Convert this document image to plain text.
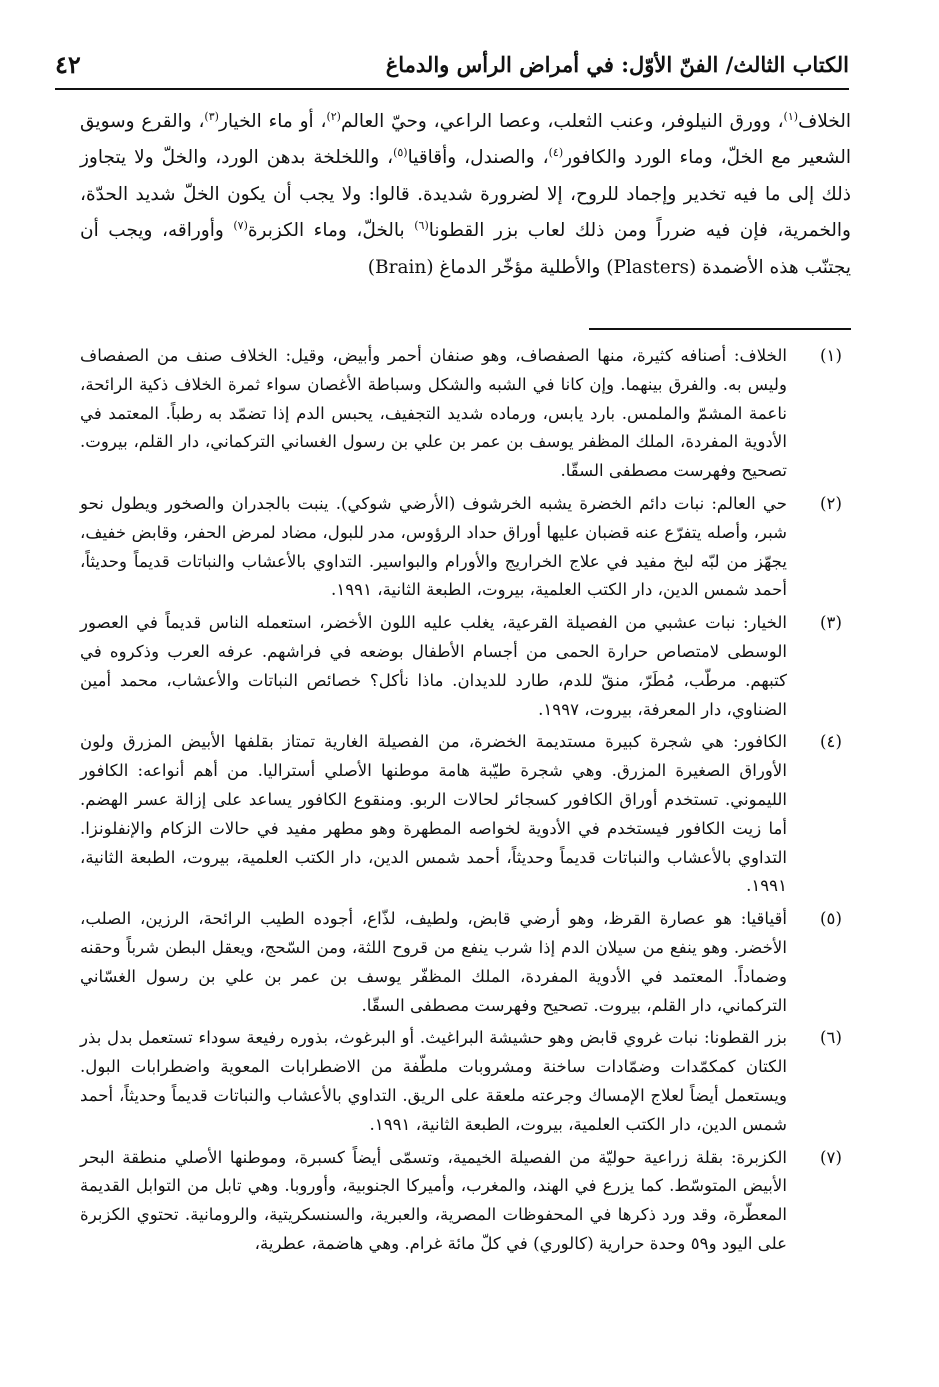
الكتاب الثالث/ الفنّ الأوّل: في أمراض الرأس والدماغ
٤٢

الخلاف$^{(١)}$، وورق النيلوفر، وعنب الثعلب، وعصا الراعي، وحيّ العالم$^{(٢)}$، أو ماء الخيار$^{(٣)}$، والقرع وسويق الشعير مع الخلّ، وماء الورد والكافور$^{(٤)}$، والصندل، وأقاقيا$^{(٥)}$، واللخلخة بدهن الورد، والخلّ ولا يتجاوز ذلك إلى ما فيه تخدير وإجماد للروح، إلا لضرورة شديدة. قالوا: ولا يجب أن يكون الخلّ شديد الحدّة، والخمرية، فإن فيه ضرراً ومن ذلك لعاب بزر القطونا$^{(٦)}$ بالخلّ، وماء الكزبرة$^{(٧)}$ وأوراقه، ويجب أن يجتنّب هذه الأضمدة (Plasters) والأطلية مؤخّر الدماغ (Brain)

(١)
الخلاف: أصنافه كثيرة، منها الصفصاف، وهو صنفان أحمر وأبيض، وقيل: الخلاف صنف من الصفصاف وليس به. والفرق بينهما. وإن كانا في الشبه والشكل وسباطة الأغصان سواء ثمرة الخلاف ذكية الرائحة، ناعمة المشمّ والملمس. بارد يابس، ورماده شديد التجفيف، يحبس الدم إذا تضمّد به رطباً. المعتمد في الأدوية المفردة، الملك المظفر يوسف بن عمر بن علي بن رسول الغساني التركماني، دار القلم، بيروت. تصحيح وفهرست مصطفى السقّا.
(٢)
حي العالم: نبات دائم الخضرة يشبه الخرشوف (الأرضي شوكي). ينبت بالجدران والصخور ويطول نحو شبر، وأصله يتفرّع عنه قضبان عليها أوراق حداد الرؤوس، مدر للبول، مضاد لمرض الحفر، وقابض خفيف، يجهّز من لبّه لبخ مفيد في علاج الخراريج والأورام والبواسير. التداوي بالأعشاب والنباتات قديماً وحديثاً، أحمد شمس الدين، دار الكتب العلمية، بيروت، الطبعة الثانية، ١٩٩١.
(٣)
الخيار: نبات عشبي من الفصيلة القرعية، يغلب عليه اللون الأخضر، استعمله الناس قديماً في العصور الوسطى لامتصاص حرارة الحمى من أجسام الأطفال بوضعه في فراشهم. عرفه العرب وذكروه في كتبهم. مرطّب، مُطَرّ، منقّ للدم، طارد للديدان. ماذا نأكل؟ خصائص النباتات والأعشاب، محمد أمين الضناوي، دار المعرفة، بيروت، ١٩٩٧.
(٤)
الكافور: هي شجرة كبيرة مستديمة الخضرة، من الفصيلة الغارية تمتاز بقلفها الأبيض المزرق ولون الأوراق الصغيرة المزرق. وهي شجرة طيّبة هامة موطنها الأصلي أستراليا. من أهم أنواعه: الكافور الليموني. تستخدم أوراق الكافور كسجائر لحالات الربو. ومنقوع الكافور يساعد على إزالة عسر الهضم. أما زيت الكافور فيستخدم في الأدوية لخواصه المطهرة وهو مطهر مفيد في حالات الزكام والإنفلونزا. التداوي بالأعشاب والنباتات قديماً وحديثاً، أحمد شمس الدين، دار الكتب العلمية، بيروت، الطبعة الثانية، ١٩٩١.
(٥)
أقياقيا: هو عصارة القرظ، وهو أرضي قابض، ولطيف، لذّاع، أجوده الطيب الرائحة، الرزين، الصلب، الأخضر. وهو ينفع من سيلان الدم إذا شرب ينفع من قروح اللثة، ومن السّحج، ويعقل البطن شرباً وحقنه وضماداً. المعتمد في الأدوية المفردة، الملك المظفّر يوسف بن عمر بن علي بن رسول الغسّاني التركماني، دار القلم، بيروت. تصحيح وفهرست مصطفى السقّا.
(٦)
بزر القطونا: نبات غروي قابض وهو حشيشة البراغيث. أو البرغوث، بذوره رفيعة سوداء تستعمل بدل بذر الكتان كمكمّدات وضمّادات ساخنة ومشروبات ملطّفة من الاضطرابات المعوية واضطرابات البول. ويستعمل أيضاً لعلاج الإمساك وجرعته ملعقة على الريق. التداوي بالأعشاب والنباتات قديماً وحديثاً، أحمد شمس الدين، دار الكتب العلمية، بيروت، الطبعة الثانية، ١٩٩١.
(٧)
الكزبرة: بقلة زراعية حوليّة من الفصيلة الخيمية، وتسمّى أيضاً كسبرة، وموطنها الأصلي منطقة البحر الأبيض المتوسّط. كما يزرع في الهند، والمغرب، وأميركا الجنوبية، وأوروبا. وهي تابل من التوابل القديمة المعطّرة، وقد ورد ذكرها في المحفوظات المصرية، والعبرية، والسنسكريتية، والرومانية. تحتوي الكزبرة على اليود و٥٩ وحدة حرارية (كالوري) في كلّ مائة غرام. وهي هاضمة، عطرية،
